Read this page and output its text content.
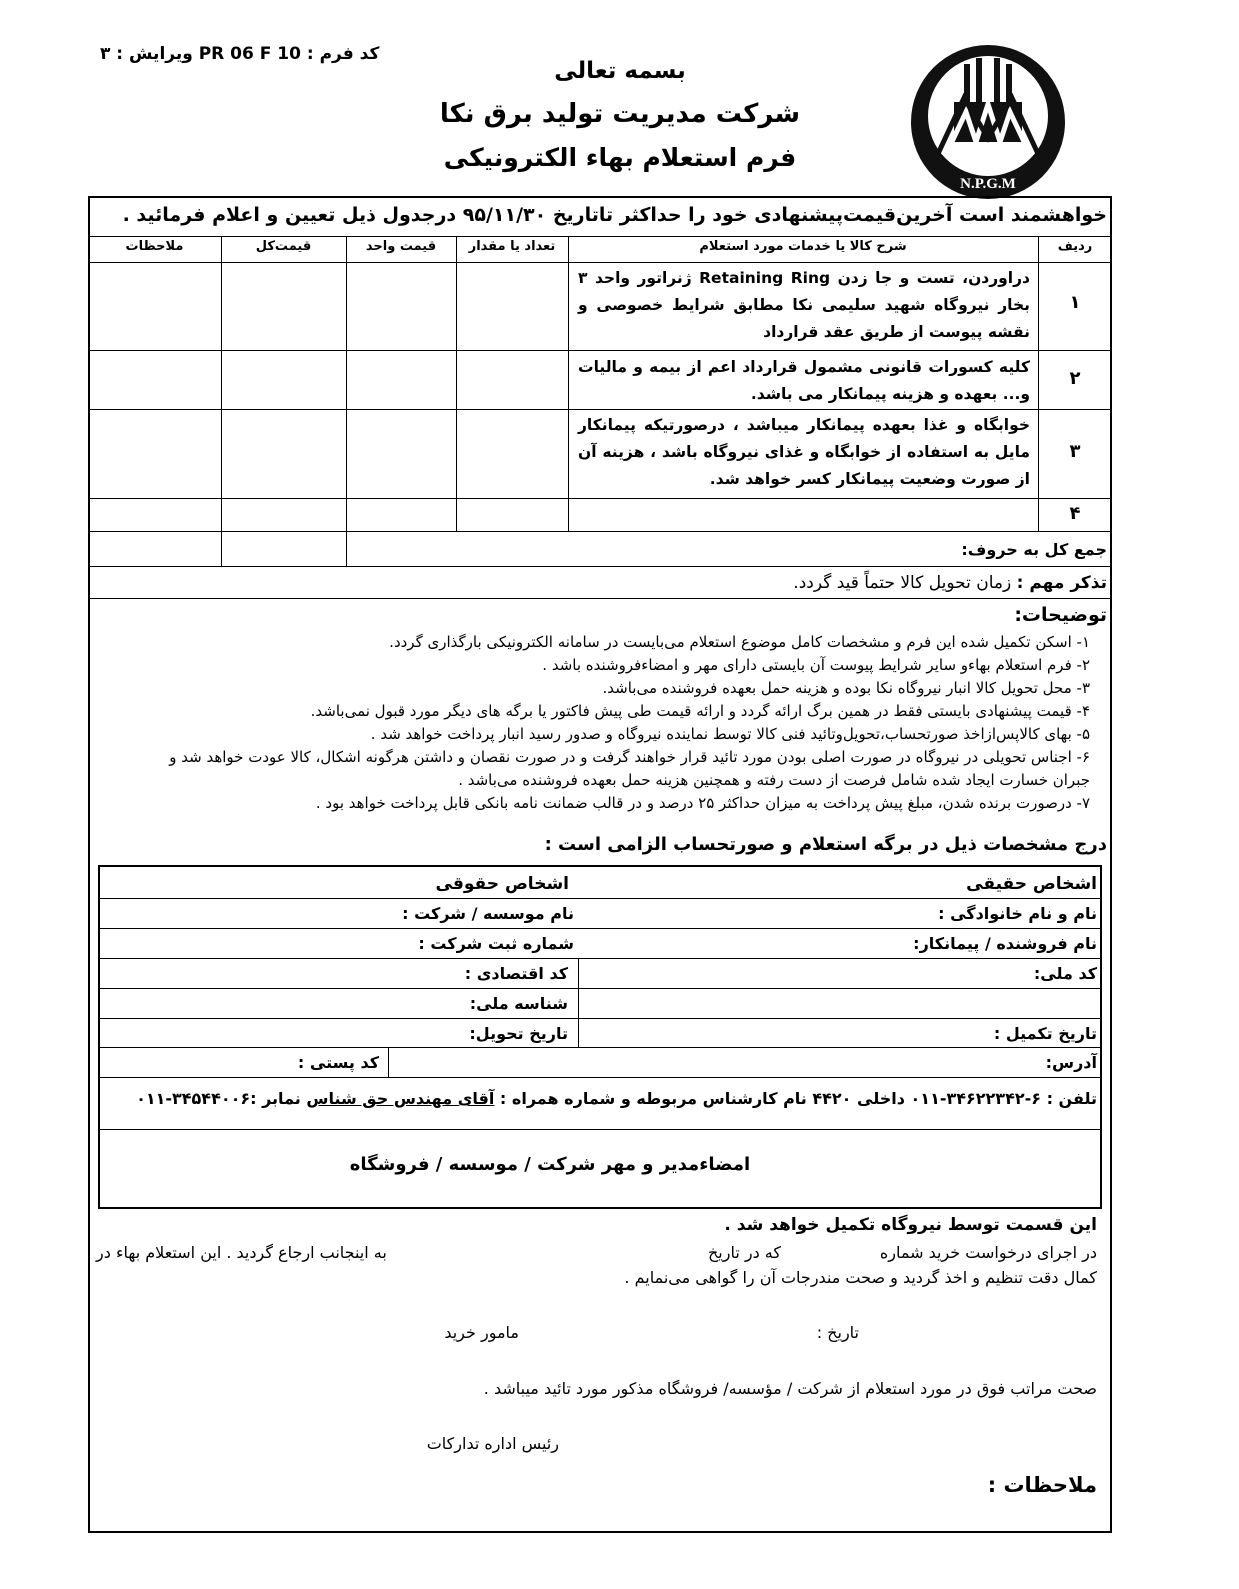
کد فرم : PR 06 F 10 ویرایش : ۳
بسمه تعالی
شرکت مدیریت تولید برق نکا
فرم استعلام بهاء الکترونیکی
N.P.G.M
خواهشمند است آخرین‌قیمت‌پیشنهادی خود را حداکثر تاتاریخ ۹۵/۱۱/۳۰ درجدول ذیل تعیین و اعلام فرمائید .
ردیف
شرح کالا یا خدمات مورد استعلام
تعداد یا مقدار
قیمت واحد
قیمت‌کل
ملاحظات
۱
دراوردن، تست و جا زدن Retaining Ring ژنراتور واحد ۳ بخار نیروگاه شهید سلیمی نکا مطابق شرایط خصوصی و نقشه پیوست از طریق عقد قرارداد
۲
کلیه کسورات قانونی مشمول قرارداد اعم از بیمه و مالیات و... بعهده و هزینه پیمانکار می باشد.
۳
خوابگاه و غذا بعهده پیمانکار میباشد ، درصورتیکه پیمانکار مایل به استفاده از خوابگاه و غذای نیروگاه باشد ، هزینه آن از صورت وضعیت پیمانکار کسر خواهد شد.
۴
جمع کل به حروف:
تذکر مهم : زمان تحویل کالا حتماً قید گردد.
توضیحات:
۱- اسکن تکمیل شده این فرم و مشخصات کامل موضوع استعلام می‌بایست در سامانه الکترونیکی بارگذاری گردد.
۲- فرم استعلام بهاءو سایر شرایط پیوست آن بایستی دارای مهر و امضاءفروشنده باشد .
۳- محل تحویل کالا انبار نیروگاه نکا بوده و هزینه حمل بعهده فروشنده می‌باشد.
۴- قیمت پیشنهادی بایستی فقط در همین برگ ارائه گردد و ارائه قیمت طی پیش فاکتور یا برگه های دیگر مورد قبول نمی‌باشد.
۵- بهای کالاپس‌ازاخذ صورتحساب،تحویل‌وتائید فنی کالا توسط نماینده نیروگاه و صدور رسید انبار پرداخت خواهد شد .
۶- اجناس تحویلی در نیروگاه در صورت اصلی بودن مورد تائید قرار خواهند گرفت و در صورت نقصان و داشتن هرگونه اشکال، کالا عودت خواهد شد و جبران خسارت ایجاد شده شامل فرصت از دست رفته و همچنین هزینه حمل بعهده فروشنده می‌باشد .
۷- درصورت برنده شدن، مبلغ پیش پرداخت به میزان حداکثر ۲۵ درصد و در قالب ضمانت نامه بانکی قابل پرداخت خواهد بود .
درج مشخصات ذیل در برگه استعلام و صورتحساب الزامی است :
اشخاص حقیقی
اشخاص حقوقی
نام و نام خانوادگی :
نام موسسه / شرکت :
نام فروشنده / پیمانکار:
شماره ثبت شرکت :
کد ملی:
کد اقتصادی :
شناسه ملی:
تاریخ تکمیل :
تاریخ تحویل:
آدرس:
کد پستی :
تلفن : ۶-۳۴۶۲۲۳۴۲-۰۱۱ داخلی ۴۴۲۰ نام کارشناس مربوطه و شماره همراه : آقای مهندس حق شناس نمابر :۳۴۵۴۴۰۰۶-۰۱۱
امضاءمدیر و مهر شرکت / موسسه / فروشگاه
این قسمت توسط نیروگاه تکمیل خواهد شد .
در اجرای درخواست خرید شماره
که در تاریخ
به اینجانب ارجاع گردید . این استعلام بهاء در
کمال دقت تنظیم و اخذ گردید و صحت مندرجات آن را گواهی می‌نمایم .
تاریخ :
مامور خرید
صحت مراتب فوق در مورد استعلام از شرکت / مؤسسه/ فروشگاه مذکور مورد تائید میباشد .
رئیس اداره تدارکات
ملاحظات :
